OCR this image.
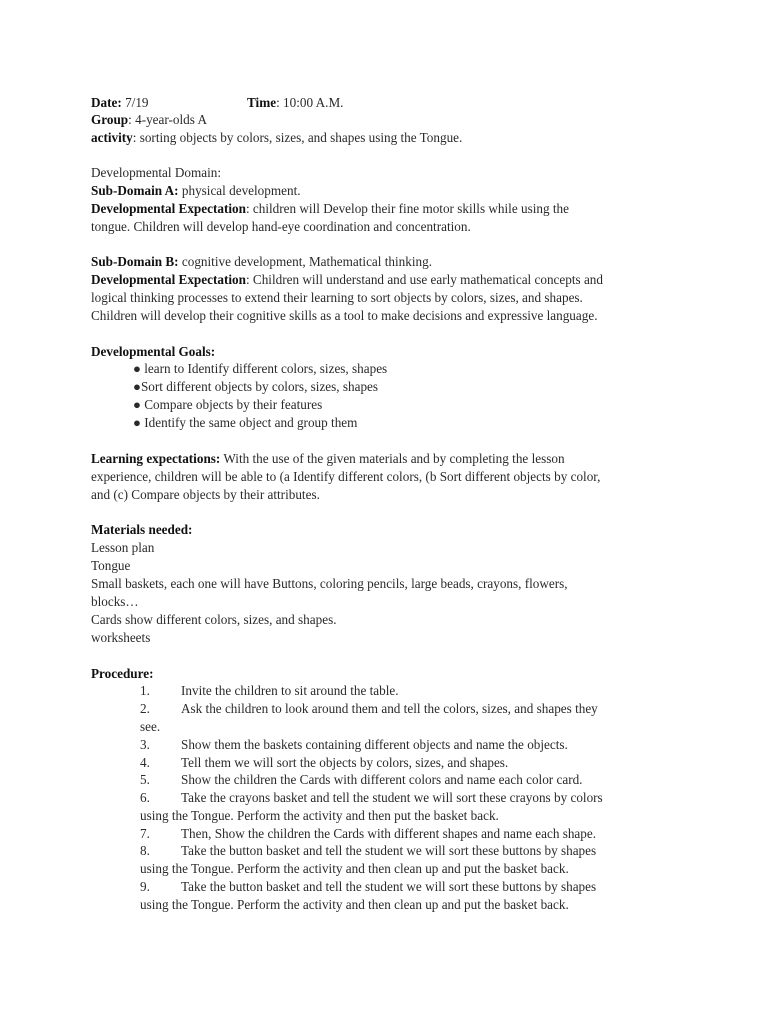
Date: 7/19	Time: 10:00 A.M.
Group: 4-year-olds A
activity: sorting objects by colors, sizes, and shapes using the Tongue.
Developmental Domain:
Sub-Domain A: physical development.
Developmental Expectation: children will Develop their fine motor skills while using the
tongue. Children will develop hand-eye coordination and concentration.
Sub-Domain B: cognitive development, Mathematical thinking.
Developmental Expectation: Children will understand and use early mathematical concepts and
logical thinking processes to extend their learning to sort objects by colors, sizes, and shapes.
Children will develop their cognitive skills as a tool to make decisions and expressive language.
Developmental Goals:
● learn to Identify different colors, sizes, shapes
●Sort different objects by colors, sizes, shapes
● Compare objects by their features
● Identify the same object and group them
Learning expectations: With the use of the given materials and by completing the lesson
experience, children will be able to (a Identify different colors, (b Sort different objects by color,
and (c) Compare objects by their attributes.
Materials needed:
Lesson plan
Tongue
Small baskets, each one will have Buttons, coloring pencils, large beads, crayons, flowers,
blocks…
Cards show different colors, sizes, and shapes.
worksheets
Procedure:
1. Invite the children to sit around the table.
2. Ask the children to look around them and tell the colors, sizes, and shapes they
see.
3. Show them the baskets containing different objects and name the objects.
4. Tell them we will sort the objects by colors, sizes, and shapes.
5. Show the children the Cards with different colors and name each color card.
6. Take the crayons basket and tell the student we will sort these crayons by colors
using the Tongue. Perform the activity and then put the basket back.
7. Then, Show the children the Cards with different shapes and name each shape.
8. Take the button basket and tell the student we will sort these buttons by shapes
using the Tongue. Perform the activity and then clean up and put the basket back.
9. Take the button basket and tell the student we will sort these buttons by shapes
using the Tongue. Perform the activity and then clean up and put the basket back.
